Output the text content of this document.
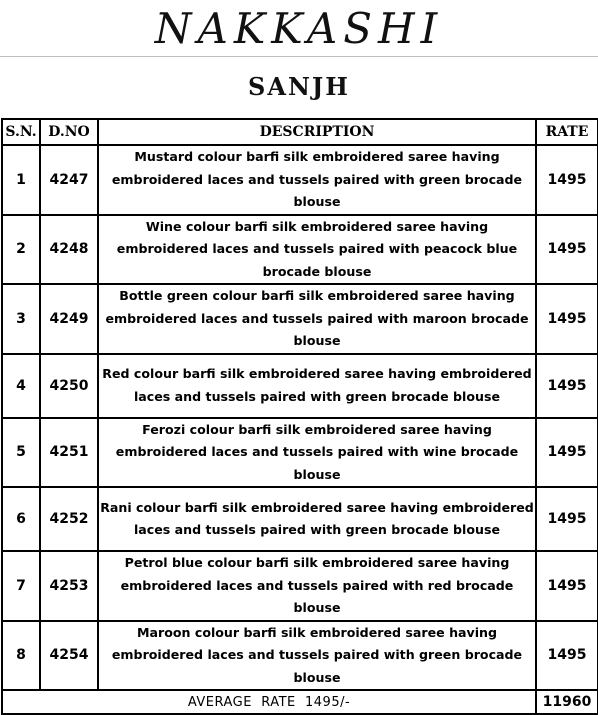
NAKKASHI
SANJH
S.N.	D.NO	DESCRIPTION	RATE
1	4247	Mustard colour barfi silk embroidered saree having embroidered laces and tussels paired with green brocade blouse	1495
2	4248	Wine colour barfi silk embroidered saree having embroidered laces and tussels paired with peacock blue brocade blouse	1495
3	4249	Bottle green colour barfi silk embroidered saree having embroidered laces and tussels paired with maroon brocade blouse	1495
4	4250	Red colour barfi silk embroidered saree having embroidered laces and tussels paired with green brocade blouse	1495
5	4251	Ferozi colour barfi silk embroidered saree having embroidered laces and tussels paired with wine brocade blouse	1495
6	4252	Rani colour barfi silk embroidered saree having embroidered laces and tussels paired with green brocade blouse	1495
7	4253	Petrol blue colour barfi silk embroidered saree having embroidered laces and tussels paired with red brocade blouse	1495
8	4254	Maroon colour barfi silk embroidered saree having embroidered laces and tussels paired with green brocade blouse	1495
AVERAGE  RATE  1495/-			11960
